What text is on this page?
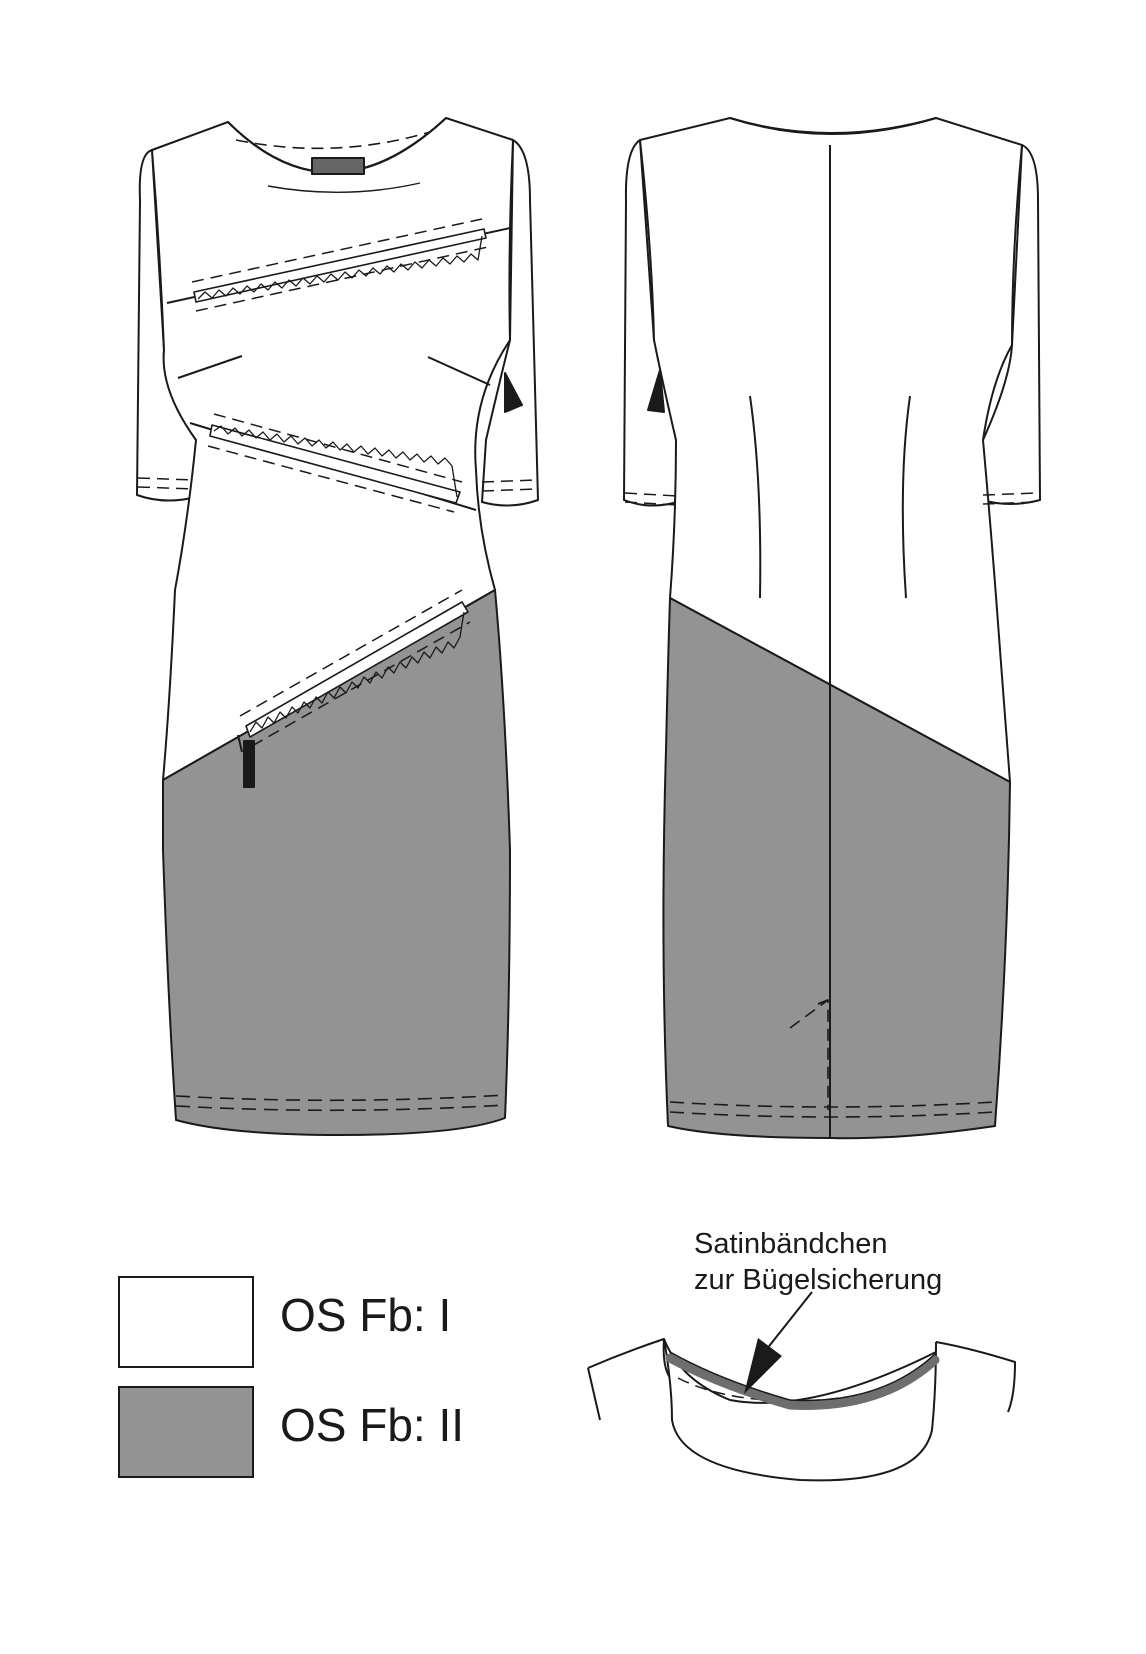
OS Fb: I
OS Fb: II
Satinbändchen
zur Bügelsicherung
